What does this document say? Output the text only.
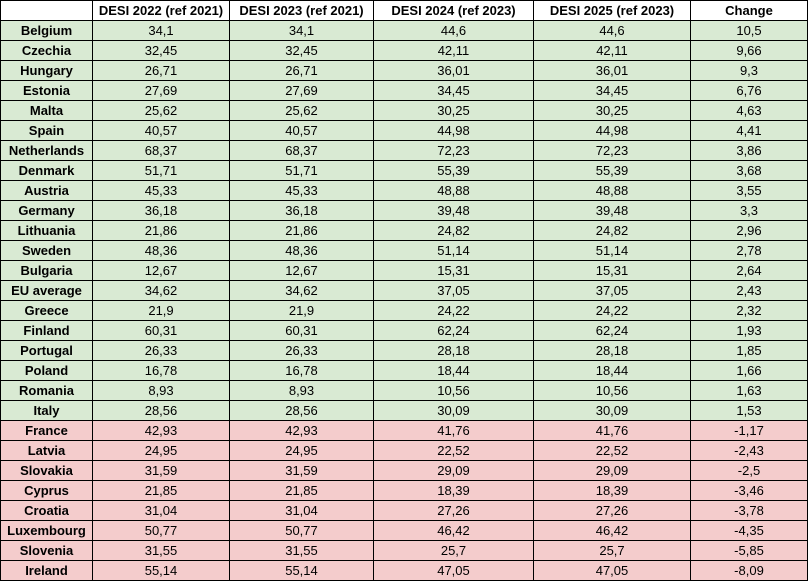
	DESI 2022 (ref 2021)	DESI 2023 (ref 2021)	DESI 2024 (ref 2023)	DESI 2025 (ref 2023)	Change
Belgium	34,1	34,1	44,6	44,6	10,5
Czechia	32,45	32,45	42,11	42,11	9,66
Hungary	26,71	26,71	36,01	36,01	9,3
Estonia	27,69	27,69	34,45	34,45	6,76
Malta	25,62	25,62	30,25	30,25	4,63
Spain	40,57	40,57	44,98	44,98	4,41
Netherlands	68,37	68,37	72,23	72,23	3,86
Denmark	51,71	51,71	55,39	55,39	3,68
Austria	45,33	45,33	48,88	48,88	3,55
Germany	36,18	36,18	39,48	39,48	3,3
Lithuania	21,86	21,86	24,82	24,82	2,96
Sweden	48,36	48,36	51,14	51,14	2,78
Bulgaria	12,67	12,67	15,31	15,31	2,64
EU average	34,62	34,62	37,05	37,05	2,43
Greece	21,9	21,9	24,22	24,22	2,32
Finland	60,31	60,31	62,24	62,24	1,93
Portugal	26,33	26,33	28,18	28,18	1,85
Poland	16,78	16,78	18,44	18,44	1,66
Romania	8,93	8,93	10,56	10,56	1,63
Italy	28,56	28,56	30,09	30,09	1,53
France	42,93	42,93	41,76	41,76	-1,17
Latvia	24,95	24,95	22,52	22,52	-2,43
Slovakia	31,59	31,59	29,09	29,09	-2,5
Cyprus	21,85	21,85	18,39	18,39	-3,46
Croatia	31,04	31,04	27,26	27,26	-3,78
Luxembourg	50,77	50,77	46,42	46,42	-4,35
Slovenia	31,55	31,55	25,7	25,7	-5,85
Ireland	55,14	55,14	47,05	47,05	-8,09
